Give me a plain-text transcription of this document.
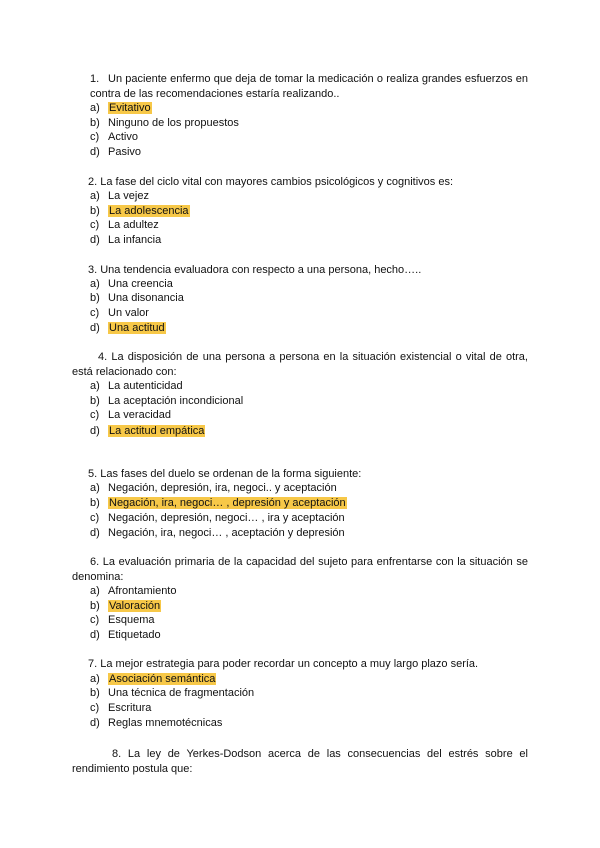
1. Un paciente enfermo que deja de tomar la medicación o realiza grandes esfuerzos en contra de las recomendaciones estaría realizando..
a) Evitativo
b) Ninguno de los propuestos
c) Activo
d) Pasivo
2. La fase del ciclo vital con mayores cambios psicológicos y cognitivos es:
a) La vejez
b) La adolescencia
c) La adultez
d) La infancia
3. Una tendencia evaluadora con respecto a una persona, hecho…..
a) Una creencia
b) Una disonancia
c) Un valor
d) Una actitud
4. La disposición de una persona a persona en la situación existencial o vital de otra, está relacionado con:
a) La autenticidad
b) La aceptación incondicional
c) La veracidad
d) La actitud empática
5. Las fases del duelo se ordenan de la forma siguiente:
a) Negación, depresión, ira, negoci.. y aceptación
b) Negación, ira, negoci… , depresión y aceptación
c) Negación, depresión, negoci… , ira y aceptación
d) Negación, ira, negoci… , aceptación y depresión
6. La evaluación primaria de la capacidad del sujeto para enfrentarse con la situación se denomina:
a) Afrontamiento
b) Valoración
c) Esquema
d) Etiquetado
7. La mejor estrategia para poder recordar un concepto a muy largo plazo sería.
a) Asociación semántica
b) Una técnica de fragmentación
c) Escritura
d) Reglas mnemotécnicas
8. La ley de Yerkes-Dodson acerca de las consecuencias del estrés sobre el rendimiento postula que:
